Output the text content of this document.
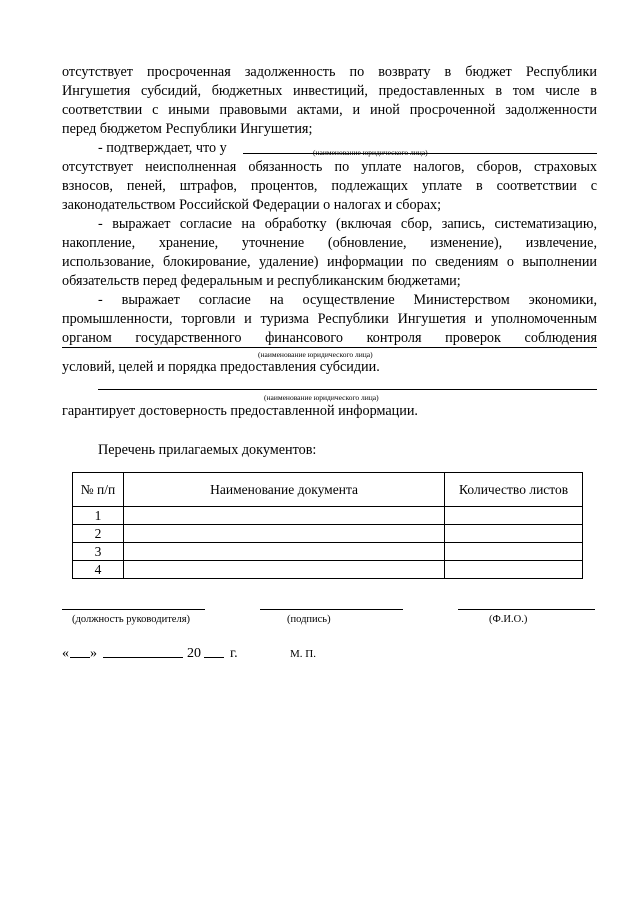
отсутствует просроченная задолженность по возврату в бюджет Республики
Ингушетия субсидий, бюджетных инвестиций, предоставленных в том числе в
соответствии с иными правовыми актами, и иной просроченной задолженности
перед бюджетом Республики Ингушетия;
- подтверждает, что у	(наименование юридического лица)
отсутствует неисполненная обязанность по уплате налогов, сборов, страховых
взносов, пеней, штрафов, процентов, подлежащих уплате в соответствии с
законодательством Российской Федерации о налогах и сборах;
- выражает согласие на обработку (включая сбор, запись, систематизацию,
накопление, хранение, уточнение (обновление, изменение), извлечение,
использование, блокирование, удаление) информации по сведениям о выполнении
обязательств перед федеральным и республиканским бюджетами;
- выражает согласие на осуществление Министерством экономики,
промышленности, торговли и туризма Республики Ингушетия и уполномоченным
органом государственного финансового контроля проверок соблюдения
(наименование юридического лица)
условий, целей и порядка предоставления субсидии.
(наименование юридического лица)
гарантирует достоверность предоставленной информации.
Перечень прилагаемых документов:
№ п/п	Наименование документа	Количество листов
1		
2		
3		
4		
(должность руководителя)	(подпись)	(Ф.И.О.)
« »	20 г.	М. П.
